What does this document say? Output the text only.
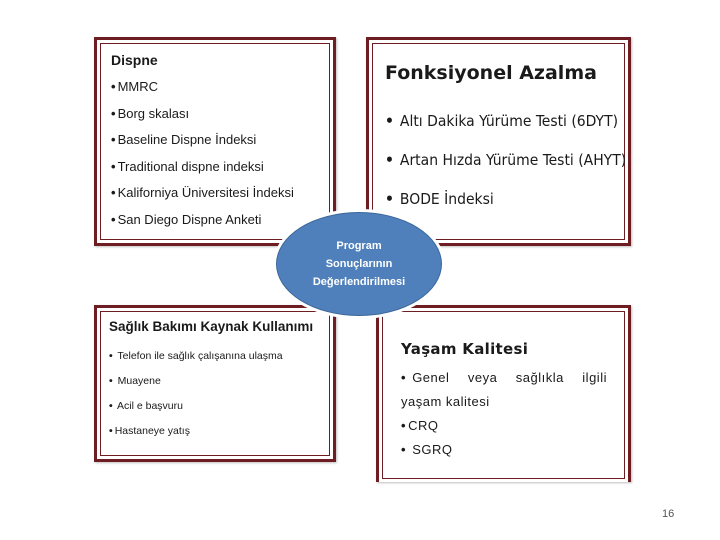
Dispne

• MMRC
• Borg skalası
• Baseline Dispne İndeksi
• Traditional dispne indeksi
• Kaliforniya Üniversitesi İndeksi
• San Diego Dispne Anketi

Fonksiyonel Azalma

• Altı Dakika Yürüme Testi (6DYT)
• Artan Hızda Yürüme Testi (AHYT)
• BODE İndeksi

Sağlık Bakımı Kaynak Kullanımı

• Telefon ile sağlık çalışanına ulaşma
• Muayene
• Acil e başvuru
• Hastaneye yatış

Yaşam Kalitesi

• Genel veya sağlıkla ilgili
yaşam kalitesi
• CRQ
• SGRQ
Program
Sonuçlarının
Değerlendirilmesi
16
